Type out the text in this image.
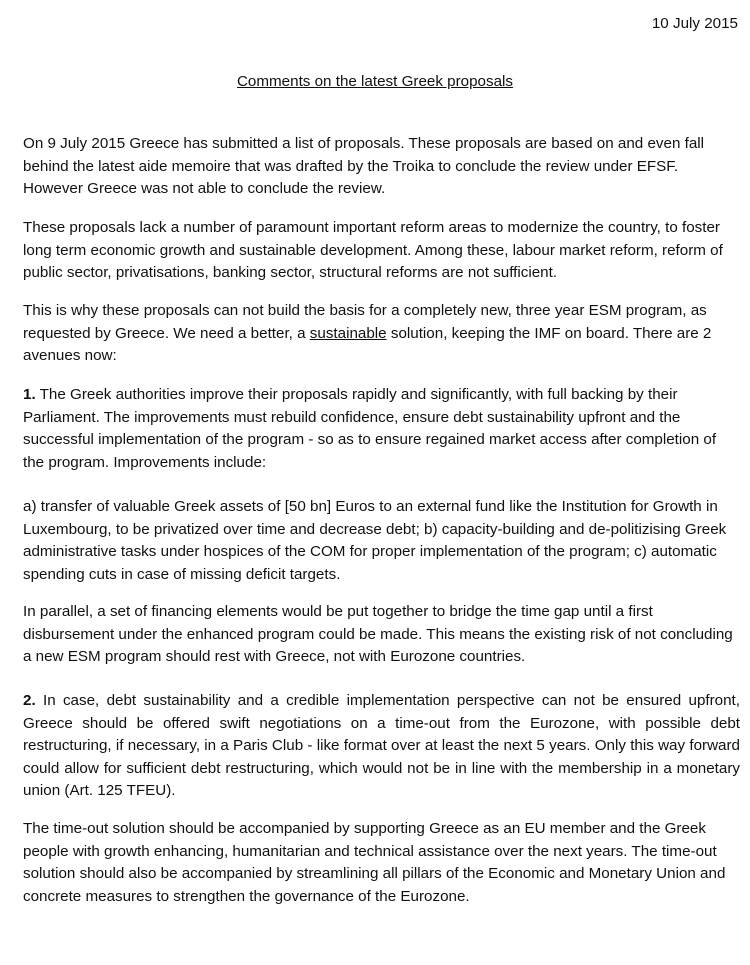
10 July 2015
Comments on the latest Greek proposals

On 9 July 2015 Greece has submitted a list of proposals. These proposals are based on and even fall behind the latest aide memoire that was drafted by the Troika to conclude the review under EFSF. However Greece was not able to conclude the review.

These proposals lack a number of paramount important reform areas to modernize the country, to foster long term economic growth and sustainable development. Among these, labour market reform, reform of public sector, privatisations, banking sector, structural reforms are not sufficient.

This is why these proposals can not build the basis for a completely new, three year ESM program, as requested by Greece. We need a better, a sustainable solution, keeping the IMF on board. There are 2 avenues now:

1. The Greek authorities improve their proposals rapidly and significantly, with full backing by their Parliament. The improvements must rebuild confidence, ensure debt sustainability upfront and the successful implementation of the program - so as to ensure regained market access after completion of the program. Improvements include:

a) transfer of valuable Greek assets of [50 bn] Euros to an external fund like the Institution for Growth in Luxembourg, to be privatized over time and decrease debt; b) capacity-building and de-politizising Greek administrative tasks under hospices of the COM for proper implementation of the program; c) automatic spending cuts in case of missing deficit targets.

In parallel, a set of financing elements would be put together to bridge the time gap until a first disbursement under the enhanced program could be made. This means the existing risk of not concluding a new ESM program should rest with Greece, not with Eurozone countries.

2. In case, debt sustainability and a credible implementation perspective can not be ensured upfront, Greece should be offered swift negotiations on a time-out from the Eurozone, with possible debt restructuring, if necessary, in a Paris Club - like format over at least the next 5 years. Only this way forward could allow for sufficient debt restructuring, which would not be in line with the membership in a monetary union (Art. 125 TFEU).

The time-out solution should be accompanied by supporting Greece as an EU member and the Greek people with growth enhancing, humanitarian and technical assistance over the next years. The time-out solution should also be accompanied by streamlining all pillars of the Economic and Monetary Union and concrete measures to strengthen the governance of the Eurozone.
